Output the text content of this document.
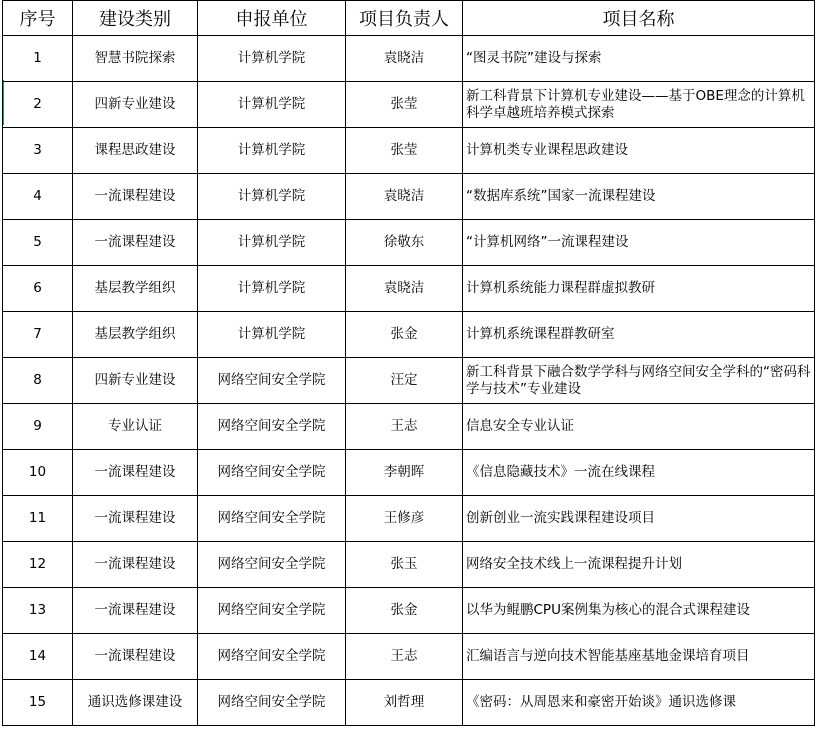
序号	建设类别	申报单位	项目负责人	项目名称
1	智慧书院探索	计算机学院	袁晓洁	“图灵书院”建设与探索
2	四新专业建设	计算机学院	张莹	新工科背景下计算机专业建设——基于OBE理念的计算机科学卓越班培养模式探索
3	课程思政建设	计算机学院	张莹	计算机类专业课程思政建设
4	一流课程建设	计算机学院	袁晓洁	“数据库系统”国家一流课程建设
5	一流课程建设	计算机学院	徐敬东	“计算机网络”一流课程建设
6	基层教学组织	计算机学院	袁晓洁	计算机系统能力课程群虚拟教研
7	基层教学组织	计算机学院	张金	计算机系统课程群教研室
8	四新专业建设	网络空间安全学院	汪定	新工科背景下融合数学学科与网络空间安全学科的“密码科学与技术”专业建设
9	专业认证	网络空间安全学院	王志	信息安全专业认证
10	一流课程建设	网络空间安全学院	李朝晖	《信息隐藏技术》一流在线课程
11	一流课程建设	网络空间安全学院	王修彦	创新创业一流实践课程建设项目
12	一流课程建设	网络空间安全学院	张玉	网络安全技术线上一流课程提升计划
13	一流课程建设	网络空间安全学院	张金	以华为鲲鹏CPU案例集为核心的混合式课程建设
14	一流课程建设	网络空间安全学院	王志	汇编语言与逆向技术智能基座基地金课培育项目
15	通识选修课建设	网络空间安全学院	刘哲理	《密码：从周恩来和豪密开始谈》通识选修课
